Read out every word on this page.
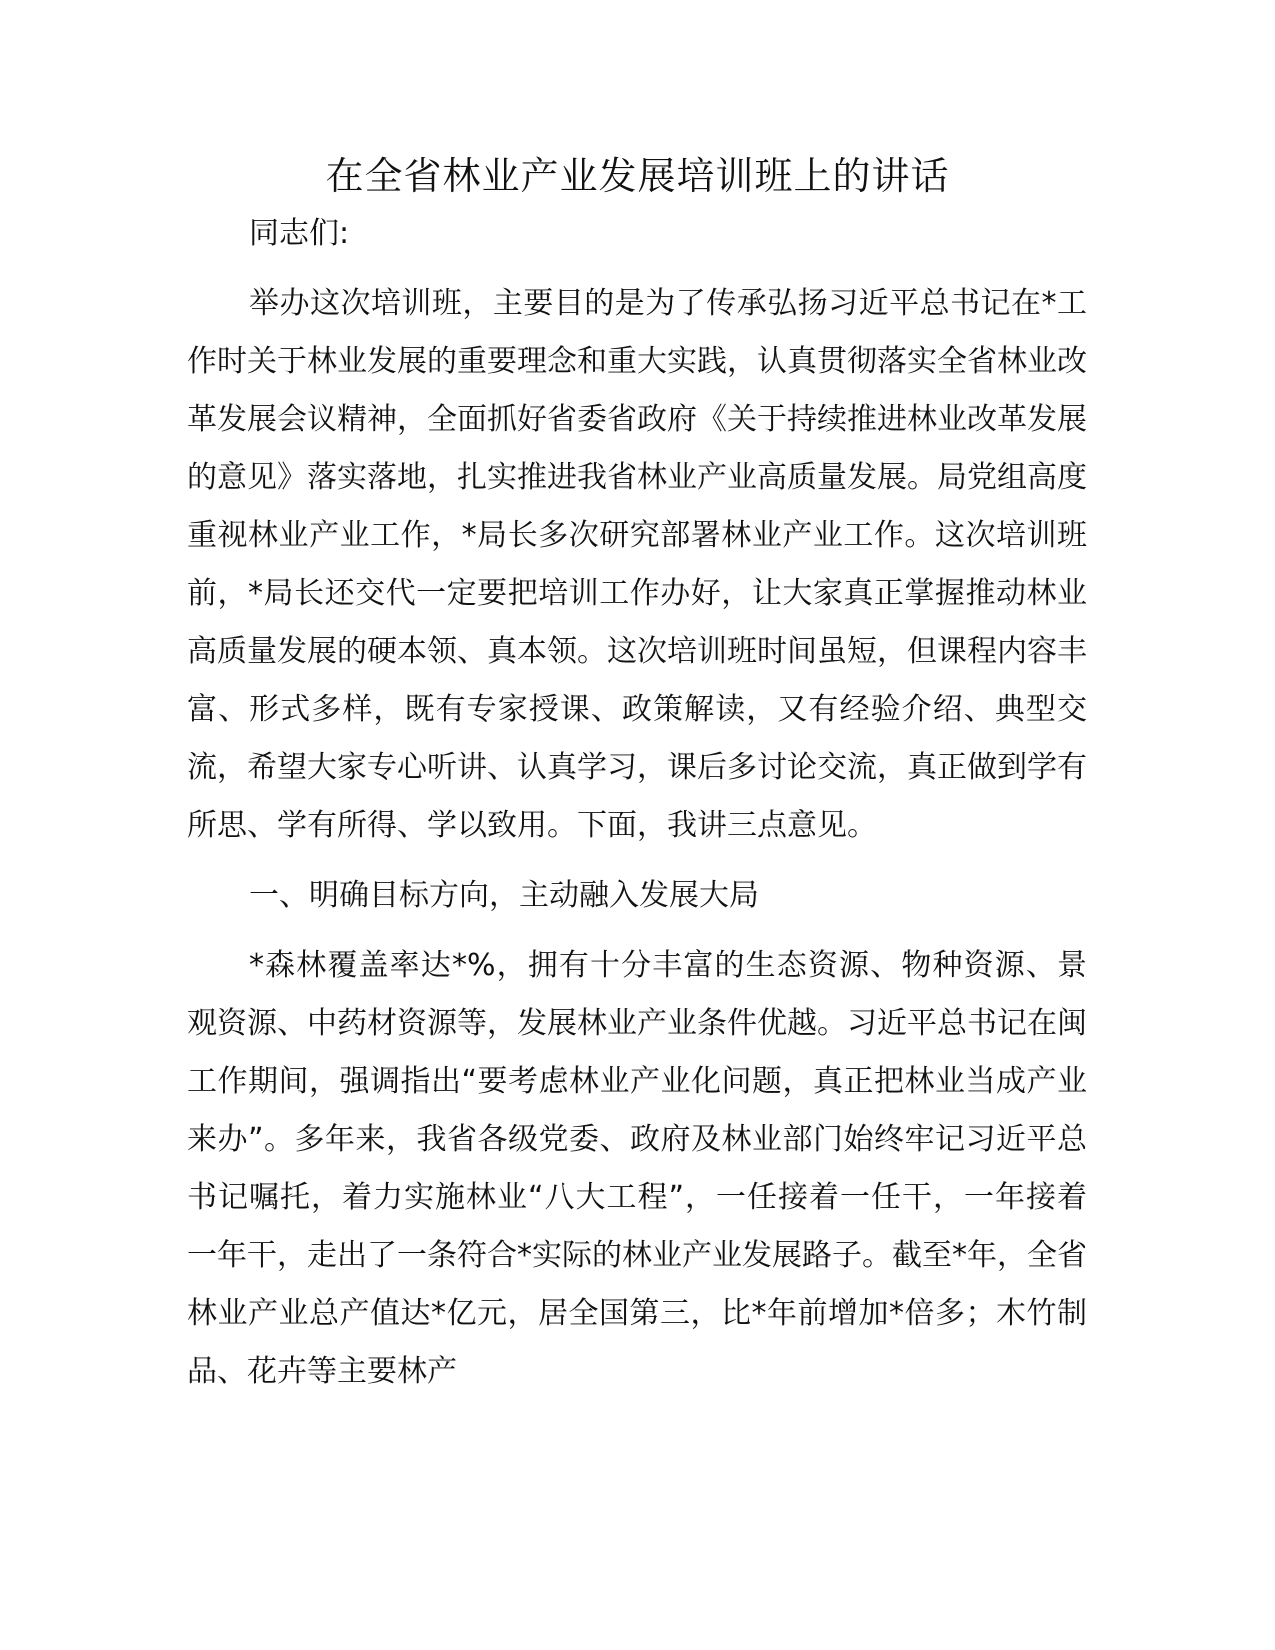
在全省林业产业发展培训班上的讲话

同志们:

举办这次培训班，主要目的是为了传承弘扬习近平总书记在*工作时关于林业发展的重要理念和重大实践，认真贯彻落实全省林业改革发展会议精神，全面抓好省委省政府《关于持续推进林业改革发展的意见》落实落地，扎实推进我省林业产业高质量发展。局党组高度重视林业产业工作，*局长多次研究部署林业产业工作。这次培训班前，*局长还交代一定要把培训工作办好，让大家真正掌握推动林业高质量发展的硬本领、真本领。这次培训班时间虽短，但课程内容丰富、形式多样，既有专家授课、政策解读，又有经验介绍、典型交流，希望大家专心听讲、认真学习，课后多讨论交流，真正做到学有所思、学有所得、学以致用。下面，我讲三点意见。

一、明确目标方向，主动融入发展大局

*森林覆盖率达*%，拥有十分丰富的生态资源、物种资源、景观资源、中药材资源等，发展林业产业条件优越。习近平总书记在闽工作期间，强调指出“要考虑林业产业化问题，真正把林业当成产业来办”。多年来，我省各级党委、政府及林业部门始终牢记习近平总书记嘱托，着力实施林业“八大工程”，一任接着一任干，一年接着一年干，走出了一条符合*实际的林业产业发展路子。截至*年，全省林业产业总产值达*亿元，居全国第三，比*年前增加*倍多；木竹制品、花卉等主要林产
